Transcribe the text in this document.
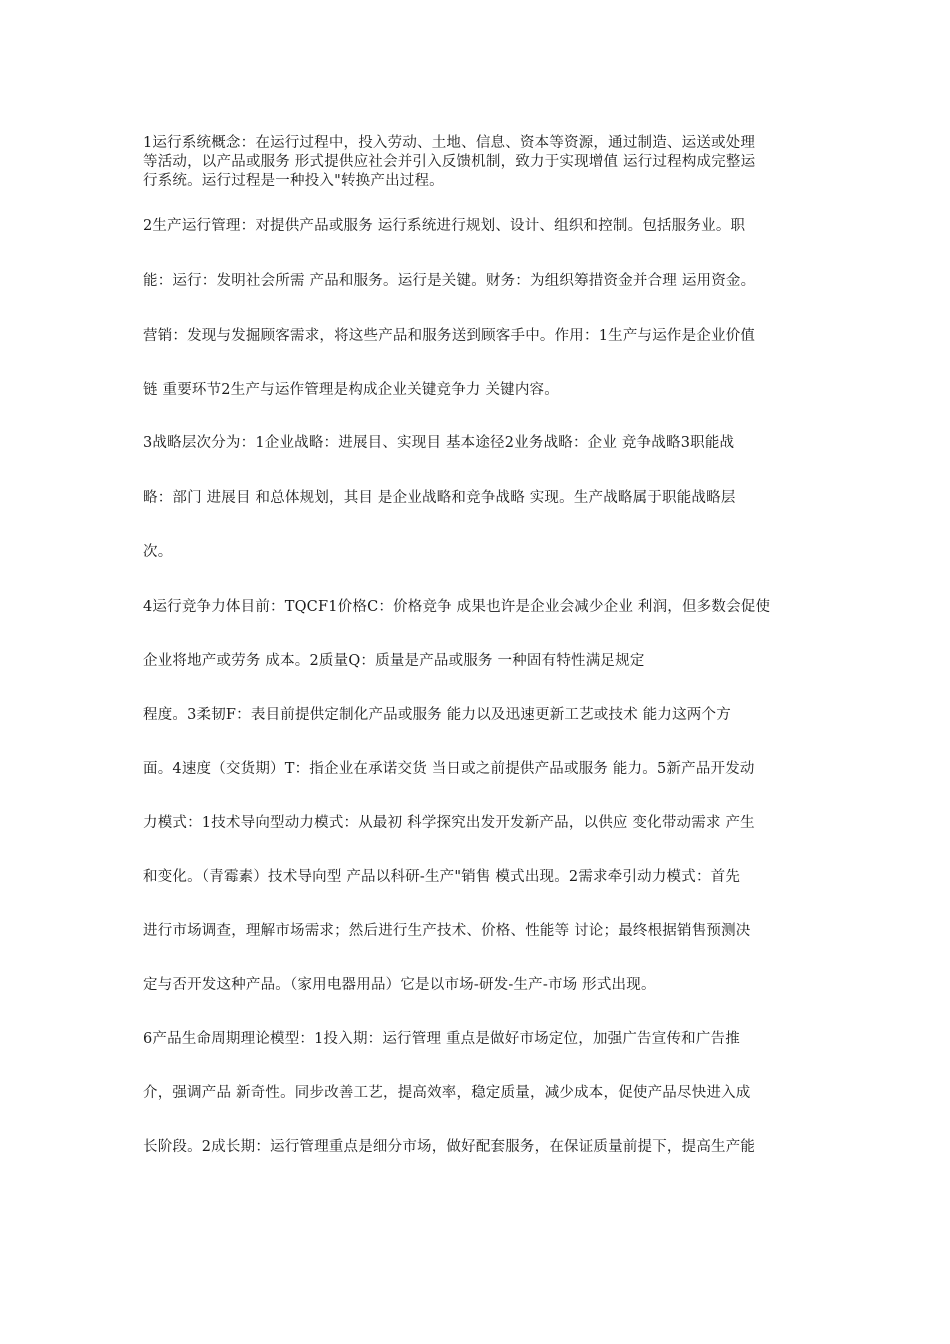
1运行系统概念：在运行过程中，投入劳动、土地、信息、资本等资源，通过制造、运送或处理
等活动，以产品或服务 形式提供应社会并引入反馈机制，致力于实现增值 运行过程构成完整运
行系统。运行过程是一种投入"转换产出过程。
2生产运行管理：对提供产品或服务 运行系统进行规划、设计、组织和控制。包括服务业。职
能：运行：发明社会所需 产品和服务。运行是关键。财务：为组织筹措资金并合理 运用资金。
营销：发现与发掘顾客需求，将这些产品和服务送到顾客手中。作用：1生产与运作是企业价值
链 重要环节2生产与运作管理是构成企业关键竞争力 关键内容。
3战略层次分为：1企业战略：进展目、实现目 基本途径2业务战略：企业 竞争战略3职能战
略：部门 进展目 和总体规划，其目 是企业战略和竞争战略 实现。生产战略属于职能战略层
次。
4运行竞争力体目前：TQCF1价格C：价格竞争 成果也许是企业会减少企业 利润，但多数会促使
企业将地产或劳务 成本。2质量Q：质量是产品或服务 一种固有特性满足规定
程度。3柔韧F：表目前提供定制化产品或服务 能力以及迅速更新工艺或技术 能力这两个方
面。4速度（交货期）T：指企业在承诺交货 当日或之前提供产品或服务 能力。5新产品开发动
力模式：1技术导向型动力模式：从最初 科学探究出发开发新产品，以供应 变化带动需求 产生
和变化。（青霉素）技术导向型 产品以科研-生产"销售 模式出现。2需求牵引动力模式：首先
进行市场调查，理解市场需求；然后进行生产技术、价格、性能等 讨论；最终根据销售预测决
定与否开发这种产品。（家用电器用品）它是以市场-研发-生产-市场 形式出现。
6产品生命周期理论模型：1投入期：运行管理 重点是做好市场定位，加强广告宣传和广告推
介，强调产品 新奇性。同步改善工艺，提高效率，稳定质量，减少成本，促使产品尽快进入成
长阶段。2成长期：运行管理重点是细分市场，做好配套服务，在保证质量前提下，提高生产能
